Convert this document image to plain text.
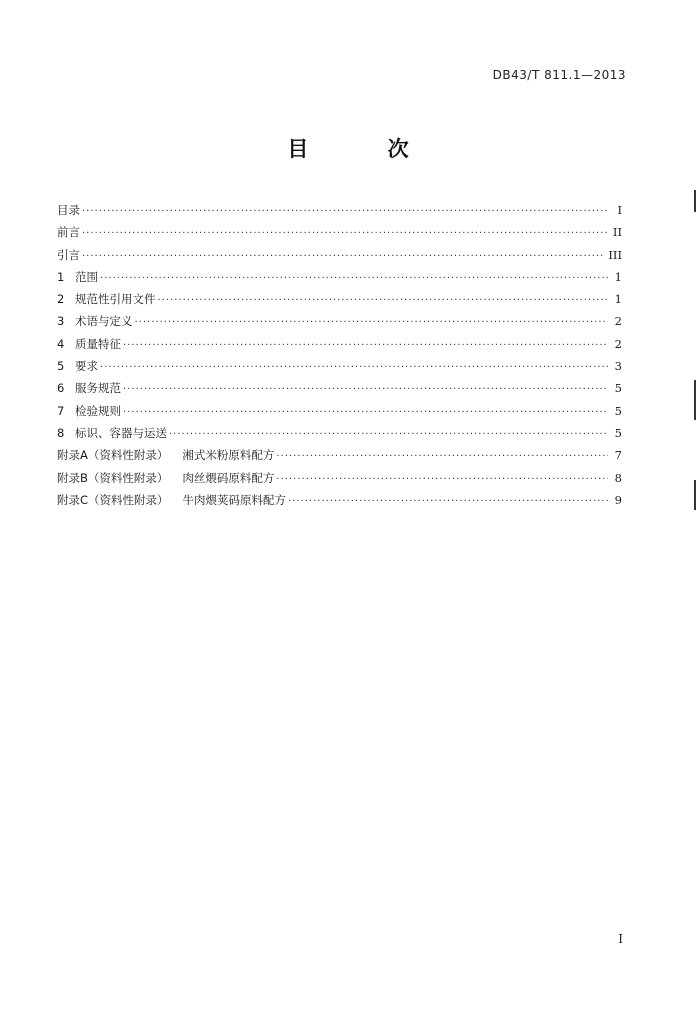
DB43/T 811.1—2013
目 次
目录 ·····	I
前言 ·····	II
引言 ·····	III
1 范围 ·····	1
2 规范性引用文件 ·····	1
3 术语与定义 ·····	2
4 质量特征 ·····	2
5 要求 ·····	3
6 服务规范 ·····	5
7 检验规则 ·····	5
8 标识、容器与运送 ·····	5
附录A（资料性附录） 湘式米粉原料配方 ·····	7
附录B（资料性附录） 肉丝煨码原料配方 ·····	8
附录C（资料性附录） 牛肉煨荚码原料配方 ·····	9
I
